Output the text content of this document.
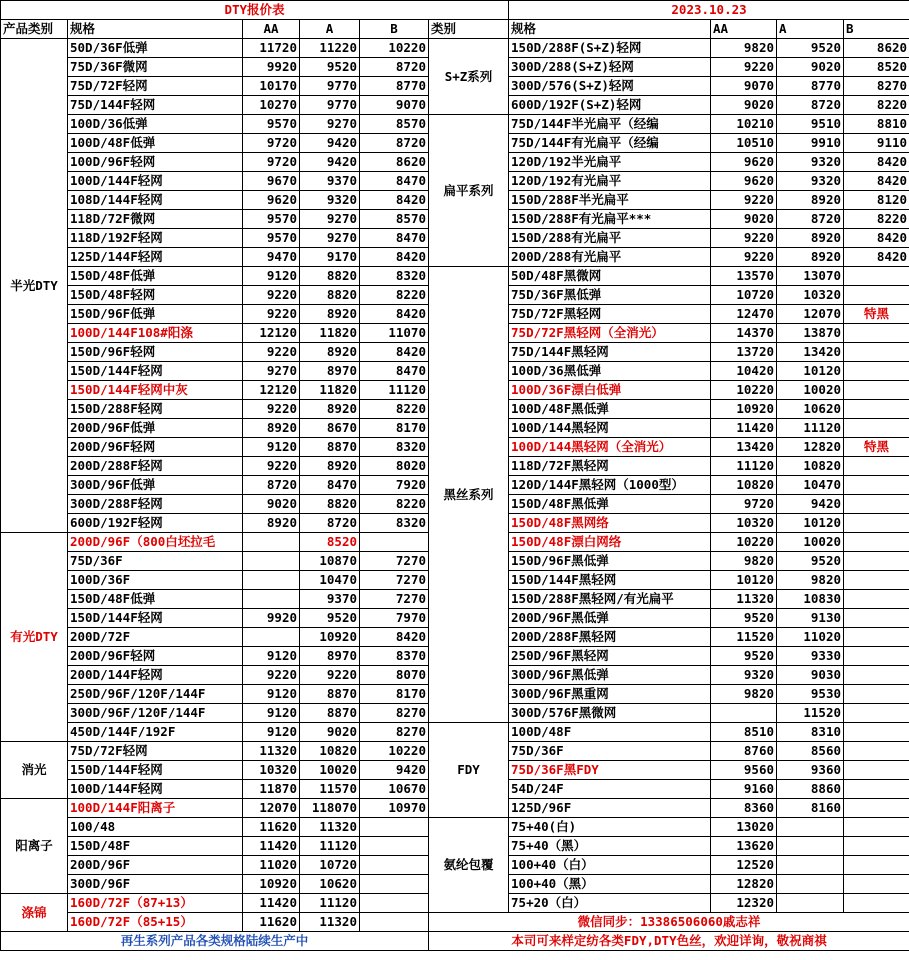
DTY报价表						2023.10.23			
产品类别	规格	AA	A	B	类别	规格	AA	A	B
半光DTY	50D/36F低弹	11720	11220	10220	S+Z系列	150D/288F(S+Z)轻网	9820	9520	8620
	75D/36F微网	9920	9520	8720		300D/288(S+Z)轻网	9220	9020	8520
	75D/72F轻网	10170	9770	8770		300D/576(S+Z)轻网	9070	8770	8270
	75D/144F轻网	10270	9770	9070		600D/192F(S+Z)轻网	9020	8720	8220
	100D/36低弹	9570	9270	8570	扁平系列	75D/144F半光扁平（经编	10210	9510	8810
	100D/48F低弹	9720	9420	8720		75D/144F有光扁平（经编	10510	9910	9110
	100D/96F轻网	9720	9420	8620		120D/192半光扁平	9620	9320	8420
	100D/144F轻网	9670	9370	8470		120D/192有光扁平	9620	9320	8420
	108D/144F轻网	9620	9320	8420		150D/288F半光扁平	9220	8920	8120
	118D/72F微网	9570	9270	8570		150D/288F有光扁平***	9020	8720	8220
	118D/192F轻网	9570	9270	8470		150D/288有光扁平	9220	8920	8420
	125D/144F轻网	9470	9170	8420		200D/288有光扁平	9220	8920	8420
	150D/48F低弹	9120	8820	8320	黑丝系列	50D/48F黑微网	13570	13070	
	150D/48F轻网	9220	8820	8220		75D/36F黑低弹	10720	10320	
	150D/96F低弹	9220	8920	8420		75D/72F黑轻网	12470	12070	特黑
	100D/144F108#阳涤	12120	11820	11070		75D/72F黑轻网（全消光）	14370	13870	
	150D/96F轻网	9220	8920	8420		75D/144F黑轻网	13720	13420	
	150D/144F轻网	9270	8970	8470		100D/36黑低弹	10420	10120	
	150D/144F轻网中灰	12120	11820	11120		100D/36F漂白低弹	10220	10020	
	150D/288F轻网	9220	8920	8220		100D/48F黑低弹	10920	10620	
	200D/96F低弹	8920	8670	8170		100D/144黑轻网	11420	11120	
	200D/96F轻网	9120	8870	8320		100D/144黑轻网（全消光）	13420	12820	特黑
	200D/288F轻网	9220	8920	8020		118D/72F黑轻网	11120	10820	
	300D/96F低弹	8720	8470	7920		120D/144F黑轻网（1000型）	10820	10470	
	300D/288F轻网	9020	8820	8220		150D/48F黑低弹	9720	9420	
	600D/192F轻网	8920	8720	8320		150D/48F黑网络	10320	10120	
有光DTY	200D/96F（800白坯拉毛		8520			150D/48F漂白网络	10220	10020	
	75D/36F		10870	7270		150D/96F黑低弹	9820	9520	
	100D/36F		10470	7270		150D/144F黑轻网	10120	9820	
	150D/48F低弹		9370	7270		150D/288F黑轻网/有光扁平	11320	10830	
	150D/144F轻网	9920	9520	7970		200D/96F黑低弹	9520	9130	
	200D/72F		10920	8420		200D/288F黑轻网	11520	11020	
	200D/96F轻网	9120	8970	8370		250D/96F黑轻网	9520	9330	
	200D/144F轻网	9220	9220	8070		300D/96F黑低弹	9320	9030	
	250D/96F/120F/144F	9120	8870	8170		300D/96F黑重网	9820	9530	
	300D/96F/120F/144F	9120	8870	8270		300D/576F黑微网		11520	
	450D/144F/192F	9120	9020	8270	FDY	100D/48F	8510	8310	
消光	75D/72F轻网	11320	10820	10220		75D/36F	8760	8560	
	150D/144F轻网	10320	10020	9420		75D/36F黑FDY	9560	9360	
	100D/144F轻网	11870	11570	10670		54D/24F	9160	8860	
阳离子	100D/144F阳离子	12070	118070	10970		125D/96F	8360	8160	
	100/48	11620	11320		氨纶包覆	75+40(白)	13020		
	150D/48F	11420	11120			75+40（黑）	13620		
	200D/96F	11020	10720			100+40（白）	12520		
	300D/96F	10920	10620			100+40（黑）	12820		
涤锦	160D/72F（87+13）	11420	11120			75+20（白）	12320		
	160D/72F（85+15）	11620	11320		微信同步：13386506060戚志祥				
再生系列产品各类规格陆续生产中					本司可来样定纺各类FDY,DTY色丝，欢迎详询，敬祝商祺				
